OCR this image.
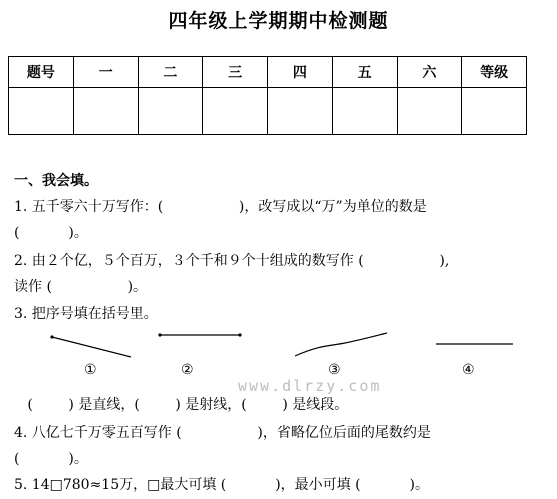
四年级上学期期中检测题
题号	一	二	三	四	五	六	等级

一、我会填。
1. 五千零六十万写作：(                 )，改写成以“万”为单位的数是
(           )。
2. 由２个亿，５个百万，３个千和９个十组成的数写作 (                 ),
读作 (                 )。
3. 把序号填在括号里。
①	②	③	④
www.dlrzy.com
(        ) 是直线，(        ) 是射线，(        ) 是线段。
4. 八亿七千万零五百写作 (                 )，省略亿位后面的尾数约是
(           )。
5. 14□780≈15万，□最大可填 (           )，最小可填 (           )。
